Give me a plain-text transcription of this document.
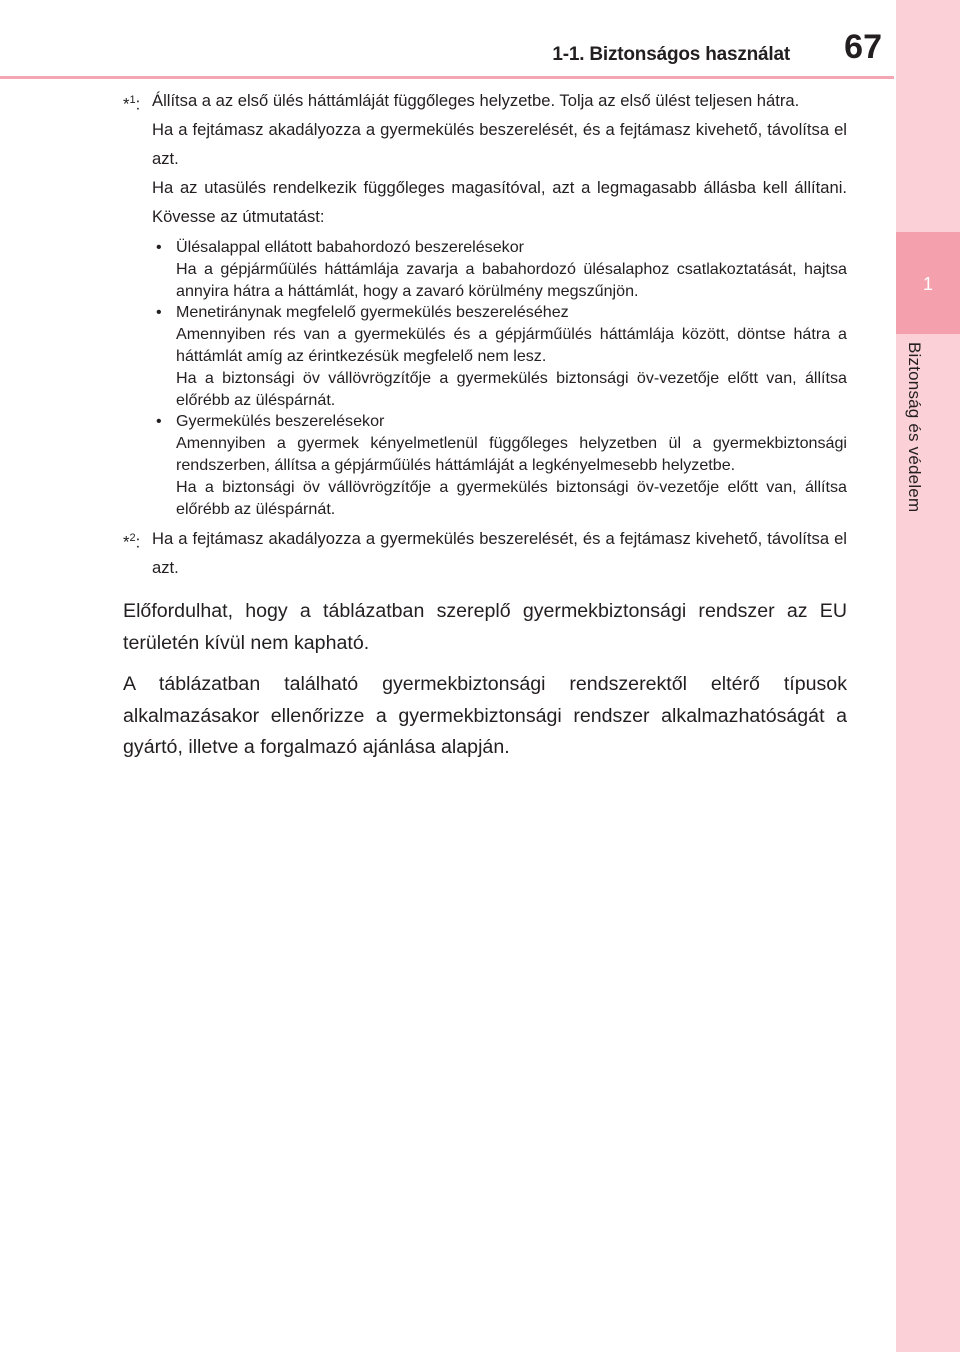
1-1. Biztonságos használat 67
1
Biztonság és védelem
*$^1$: Állítsa a az első ülés háttámláját függőleges helyzetbe. Tolja az első ülést teljesen hátra.

Ha a fejtámasz akadályozza a gyermekülés beszerelését, és a fejtámasz kivehető, távolítsa el azt.

Ha az utasülés rendelkezik függőleges magasítóval, azt a legmagasabb állásba kell állítani. Kövesse az útmutatást:

• Ülésalappal ellátott babahordozó beszerelésekor
Ha a gépjárműülés háttámlája zavarja a babahordozó ülésalaphoz csatlakoztatását, hajtsa annyira hátra a háttámlát, hogy a zavaró körülmény megszűnjön.
• Menetiránynak megfelelő gyermekülés beszereléséhez
Amennyiben rés van a gyermekülés és a gépjárműülés háttámlája között, döntse hátra a háttámlát amíg az érintkezésük megfelelő nem lesz.
Ha a biztonsági öv vállövrögzítője a gyermekülés biztonsági öv-vezetője előtt van, állítsa előrébb az üléspárnát.
• Gyermekülés beszerelésekor
Amennyiben a gyermek kényelmetlenül függőleges helyzetben ül a gyermekbiztonsági rendszerben, állítsa a gépjárműülés háttámláját a legkényelmesebb helyzetbe.
Ha a biztonsági öv vállövrögzítője a gyermekülés biztonsági öv-vezetője előtt van, állítsa előrébb az üléspárnát.
*$^2$: Ha a fejtámasz akadályozza a gyermekülés beszerelését, és a fejtámasz kivehető, távolítsa el azt.

Előfordulhat, hogy a táblázatban szereplő gyermekbiztonsági rendszer az EU területén kívül nem kapható.

A táblázatban található gyermekbiztonsági rendszerektől eltérő típusok alkalmazásakor ellenőrizze a gyermekbiztonsági rendszer alkalmazhatóságát a gyártó, illetve a forgalmazó ajánlása alapján.
